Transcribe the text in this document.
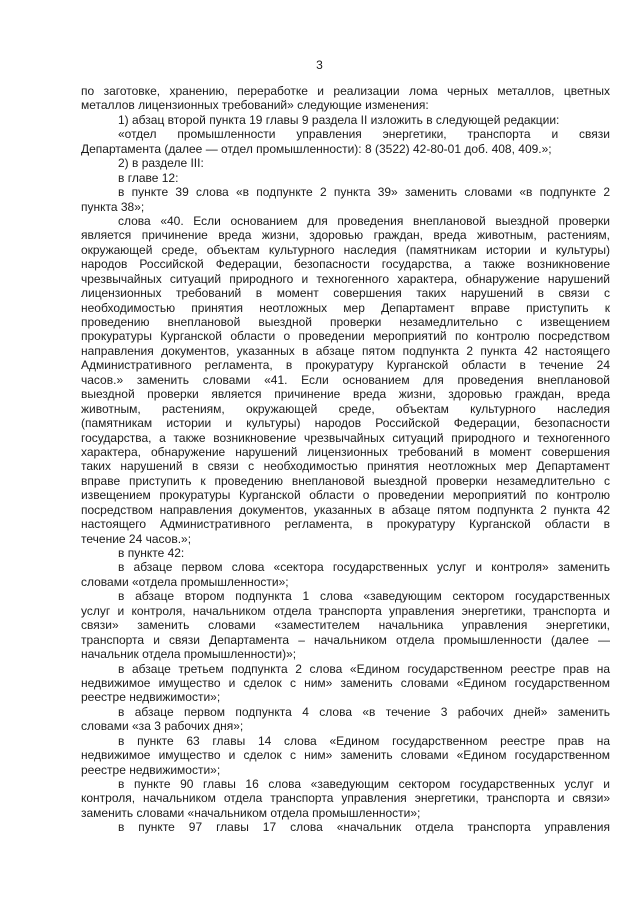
3
по заготовке, хранению, переработке и реализации лома черных металлов, цветных
металлов лицензионных требований» следующие изменения:
1) абзац второй пункта 19 главы 9 раздела II изложить в следующей редакции:
«отдел промышленности управления энергетики, транспорта и связи
Департамента (далее — отдел промышленности): 8 (3522) 42-80-01 доб. 408, 409.»;
2) в разделе III:
в главе 12:
в пункте 39 слова «в подпункте 2 пункта 39» заменить словами «в подпункте 2
пункта 38»;
слова «40. Если основанием для проведения внеплановой выездной проверки
является причинение вреда жизни, здоровью граждан, вреда животным, растениям,
окружающей среде, объектам культурного наследия (памятникам истории и культуры)
народов Российской Федерации, безопасности государства, а также возникновение
чрезвычайных ситуаций природного и техногенного характера, обнаружение нарушений
лицензионных требований в момент совершения таких нарушений в связи с
необходимостью принятия неотложных мер Департамент вправе приступить к
проведению внеплановой выездной проверки незамедлительно с извещением
прокуратуры Курганской области о проведении мероприятий по контролю посредством
направления документов, указанных в абзаце пятом подпункта 2 пункта 42 настоящего
Административного регламента, в прокуратуру Курганской области в течение 24
часов.» заменить словами «41. Если основанием для проведения внеплановой
выездной проверки является причинение вреда жизни, здоровью граждан, вреда
животным, растениям, окружающей среде, объектам культурного наследия
(памятникам истории и культуры) народов Российской Федерации, безопасности
государства, а также возникновение чрезвычайных ситуаций природного и техногенного
характера, обнаружение нарушений лицензионных требований в момент совершения
таких нарушений в связи с необходимостью принятия неотложных мер Департамент
вправе приступить к проведению внеплановой выездной проверки незамедлительно с
извещением прокуратуры Курганской области о проведении мероприятий по контролю
посредством направления документов, указанных в абзаце пятом подпункта 2 пункта 42
настоящего Административного регламента, в прокуратуру Курганской области в
течение 24 часов.»;
в пункте 42:
в абзаце первом слова «сектора государственных услуг и контроля» заменить
словами «отдела промышленности»;
в абзаце втором подпункта 1 слова «заведующим сектором государственных
услуг и контроля, начальником отдела транспорта управления энергетики, транспорта и
связи» заменить словами «заместителем начальника управления энергетики,
транспорта и связи Департамента – начальником отдела промышленности (далее —
начальник отдела промышленности)»;
в абзаце третьем подпункта 2 слова «Едином государственном реестре прав на
недвижимое имущество и сделок с ним» заменить словами «Едином государственном
реестре недвижимости»;
в абзаце первом подпункта 4 слова «в течение 3 рабочих дней» заменить
словами «за 3 рабочих дня»;
в пункте 63 главы 14 слова «Едином государственном реестре прав на
недвижимое имущество и сделок с ним» заменить словами «Едином государственном
реестре недвижимости»;
в пункте 90 главы 16 слова «заведующим сектором государственных услуг и
контроля, начальником отдела транспорта управления энергетики, транспорта и связи»
заменить словами «начальником отдела промышленности»;
в пункте 97 главы 17 слова «начальник отдела транспорта управления
